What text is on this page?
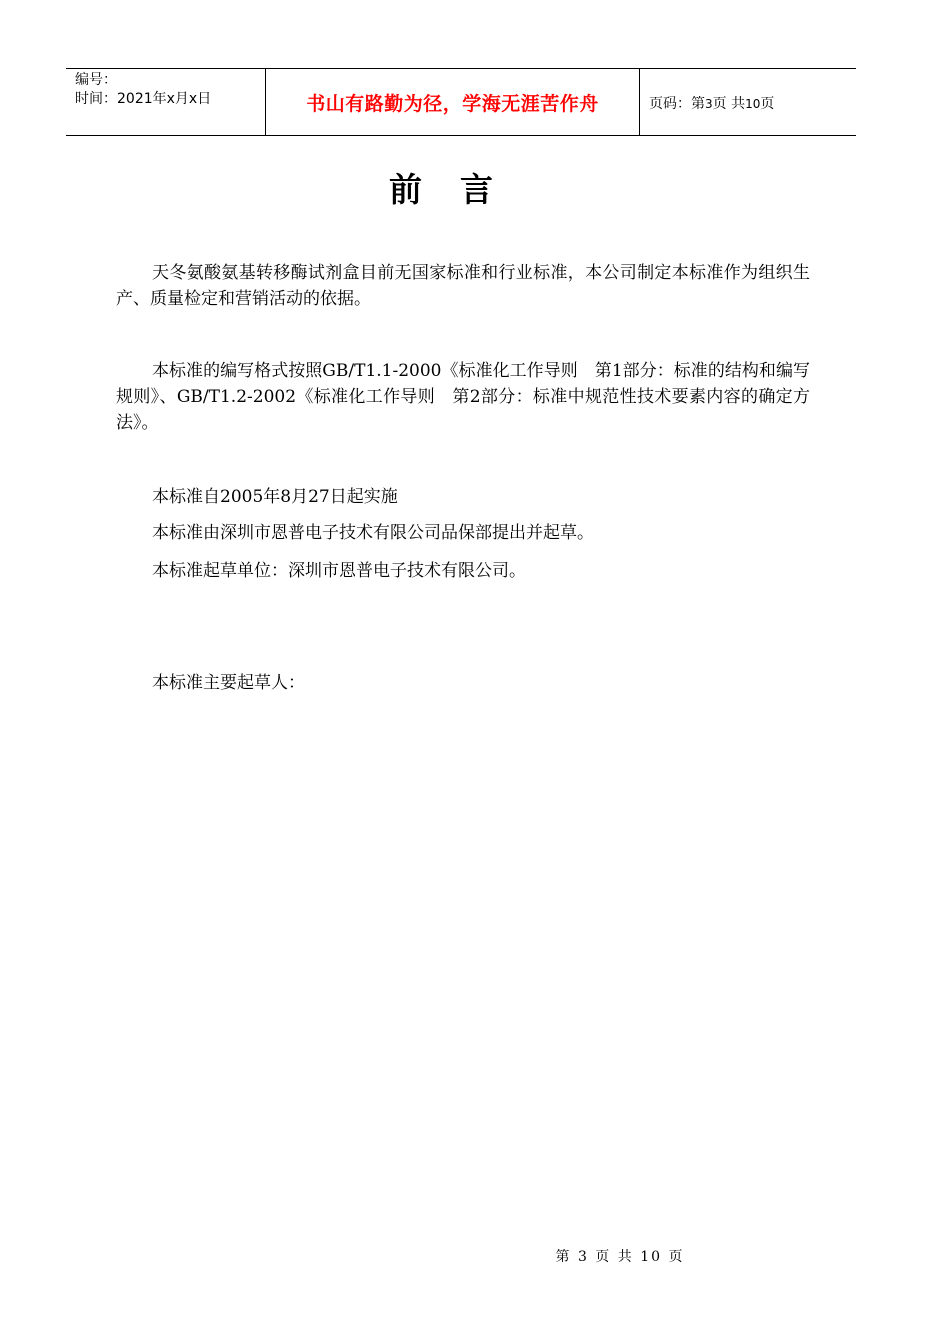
编号：
时间：2021年x月x日	书山有路勤为径，学海无涯苦作舟	页码：第3页 共10页
前言
天冬氨酸氨基转移酶试剂盒目前无国家标准和行业标准，本公司制定本标准作为组织生产、质量检定和营销活动的依据。
本标准的编写格式按照GB/T1.1-2000《标准化工作导则　第1部分：标准的结构和编写规则》、GB/T1.2-2002《标准化工作导则　第2部分：标准中规范性技术要素内容的确定方法》。
本标准自2005年8月27日起实施
本标准由深圳市恩普电子技术有限公司品保部提出并起草。
本标准起草单位：深圳市恩普电子技术有限公司。
本标准主要起草人：
第 3 页 共 10 页
